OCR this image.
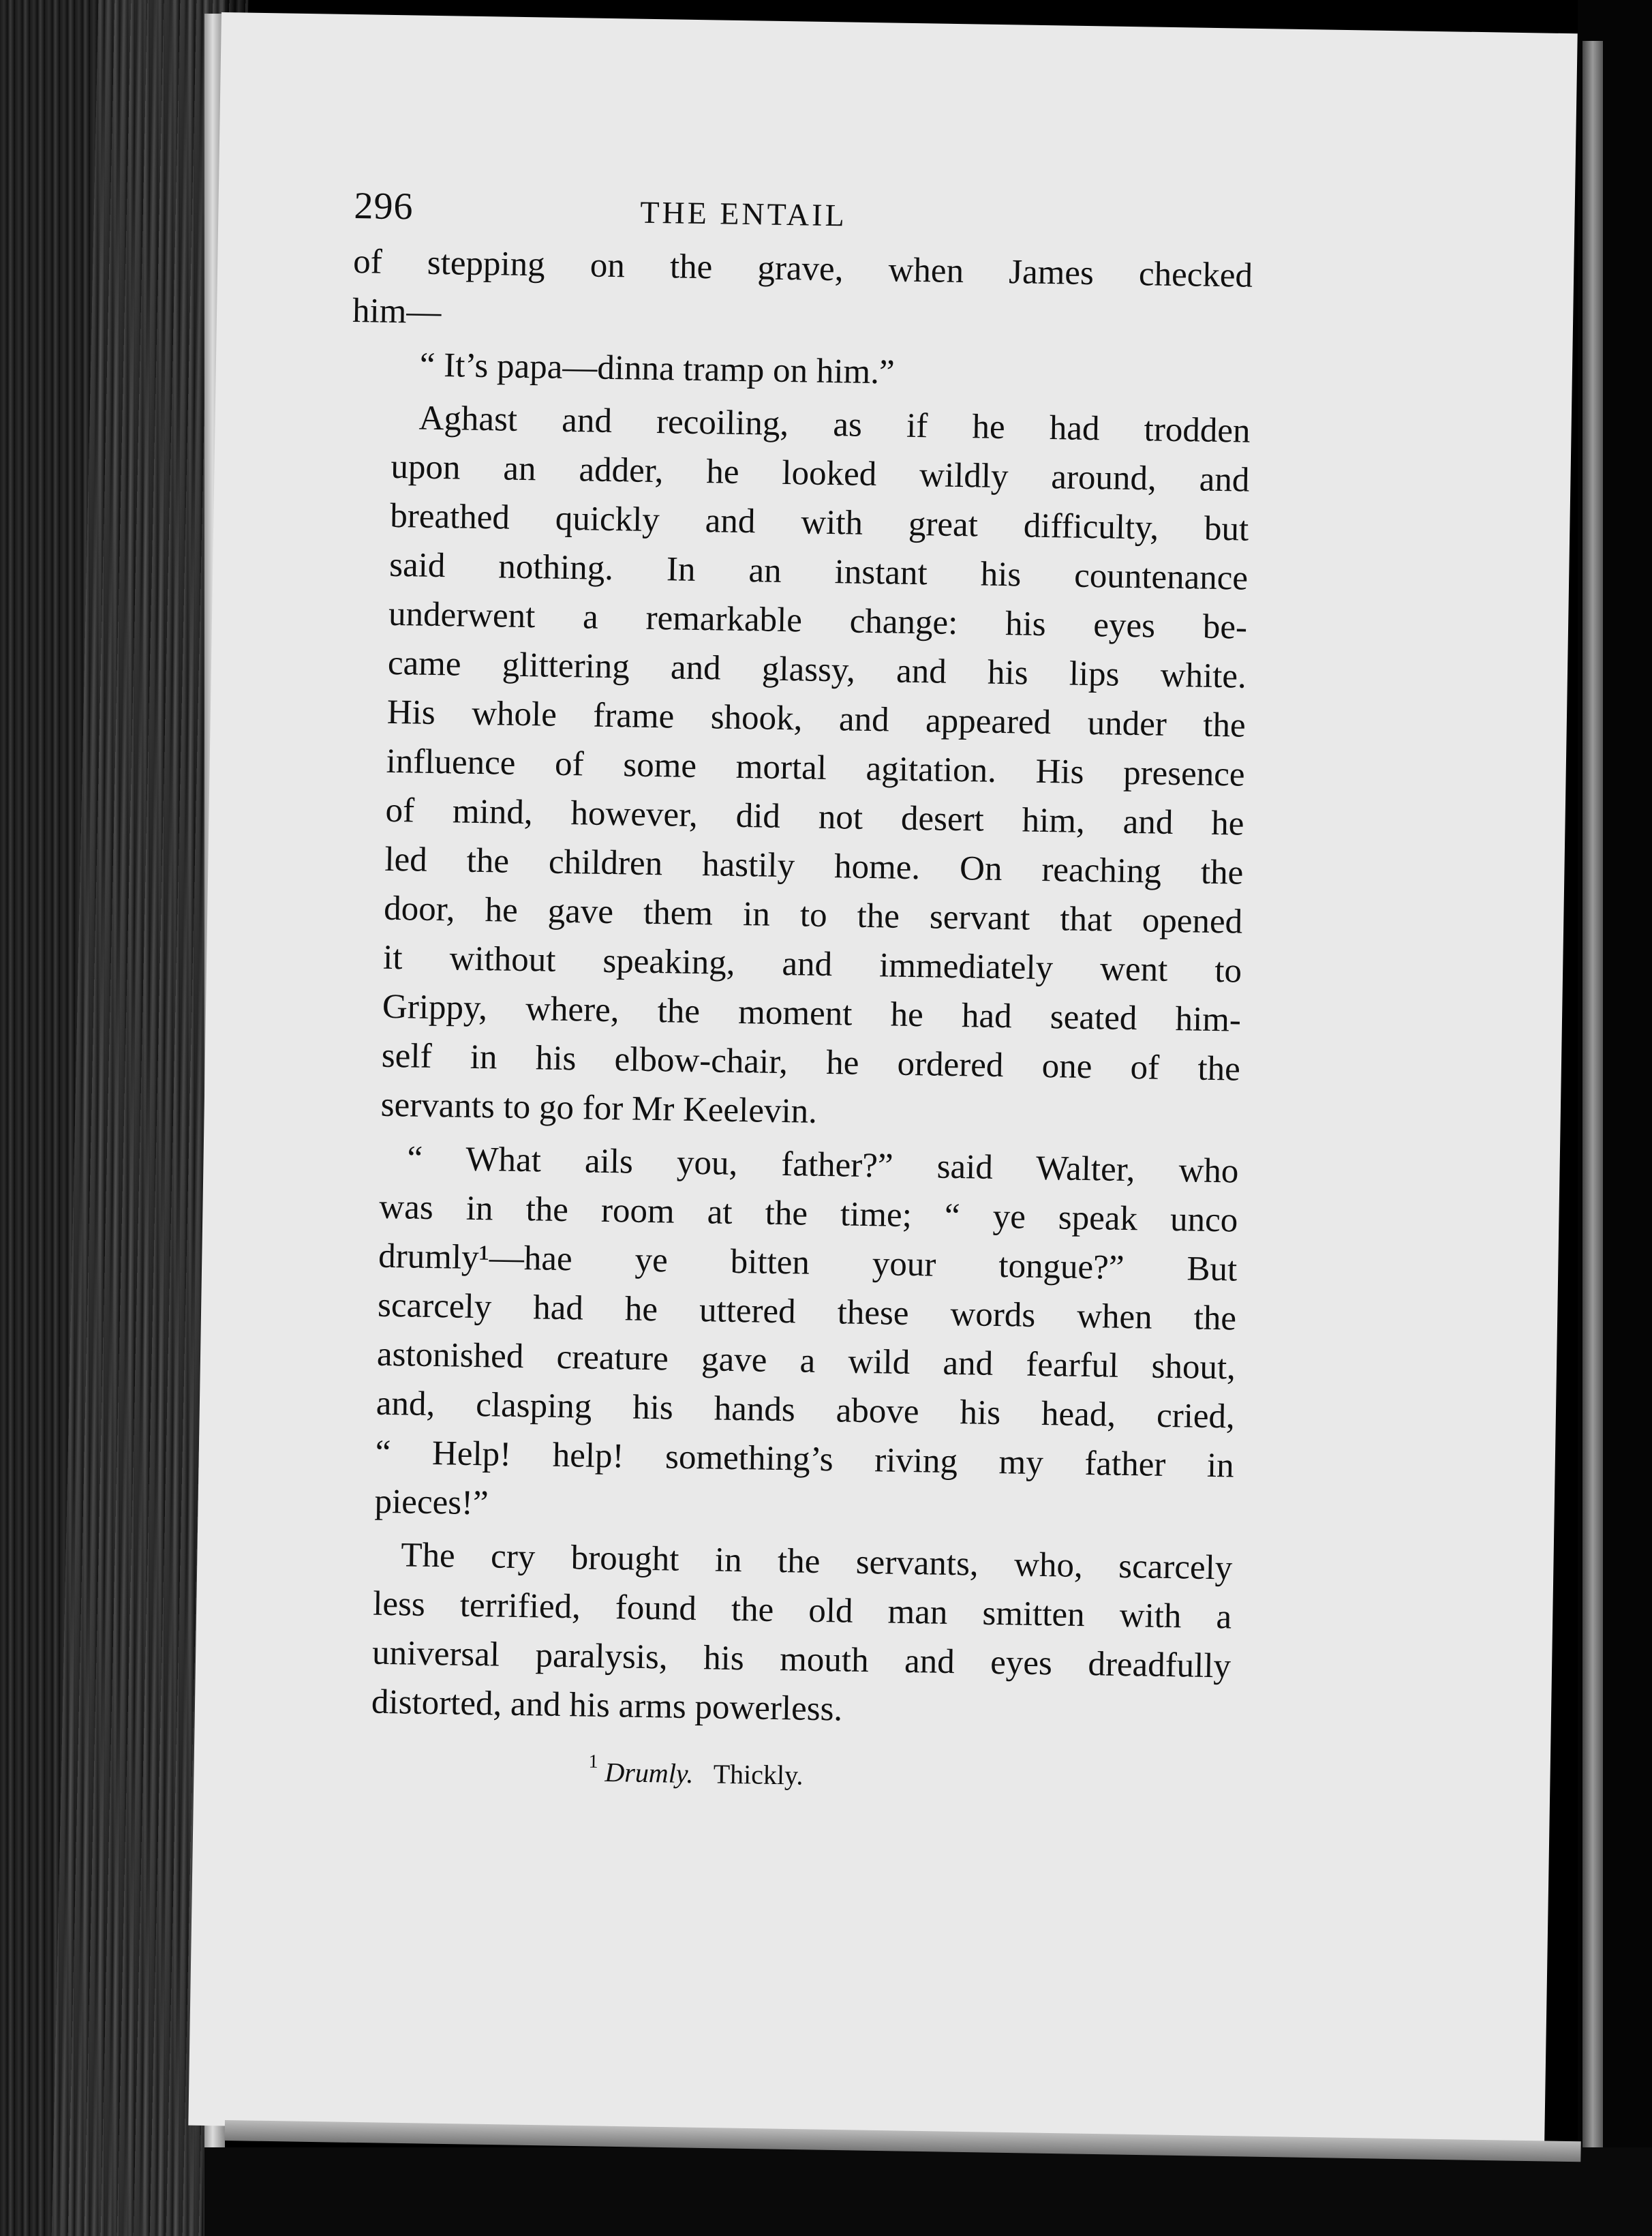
296	THE ENTAIL
of stepping on the grave, when James checked
him—
“ It’s papa—dinna tramp on him.”
Aghast and recoiling, as if he had trodden
upon an adder, he looked wildly around, and
breathed quickly and with great difficulty, but
said nothing. In an instant his countenance
underwent a remarkable change: his eyes be-
came glittering and glassy, and his lips white.
His whole frame shook, and appeared under the
influence of some mortal agitation. His presence
of mind, however, did not desert him, and he
led the children hastily home. On reaching the
door, he gave them in to the servant that opened
it without speaking, and immediately went to
Grippy, where, the moment he had seated him-
self in his elbow-chair, he ordered one of the
servants to go for Mr Keelevin.
“ What ails you, father?” said Walter, who
was in the room at the time; “ ye speak unco
drumly¹—hae ye bitten your tongue?” But
scarcely had he uttered these words when the
astonished creature gave a wild and fearful shout,
and, clasping his hands above his head, cried,
“ Help! help! something’s riving my father in
pieces!”
The cry brought in the servants, who, scarcely
less terrified, found the old man smitten with a
universal paralysis, his mouth and eyes dreadfully
distorted, and his arms powerless.
$^1$ Drumly. Thickly.
